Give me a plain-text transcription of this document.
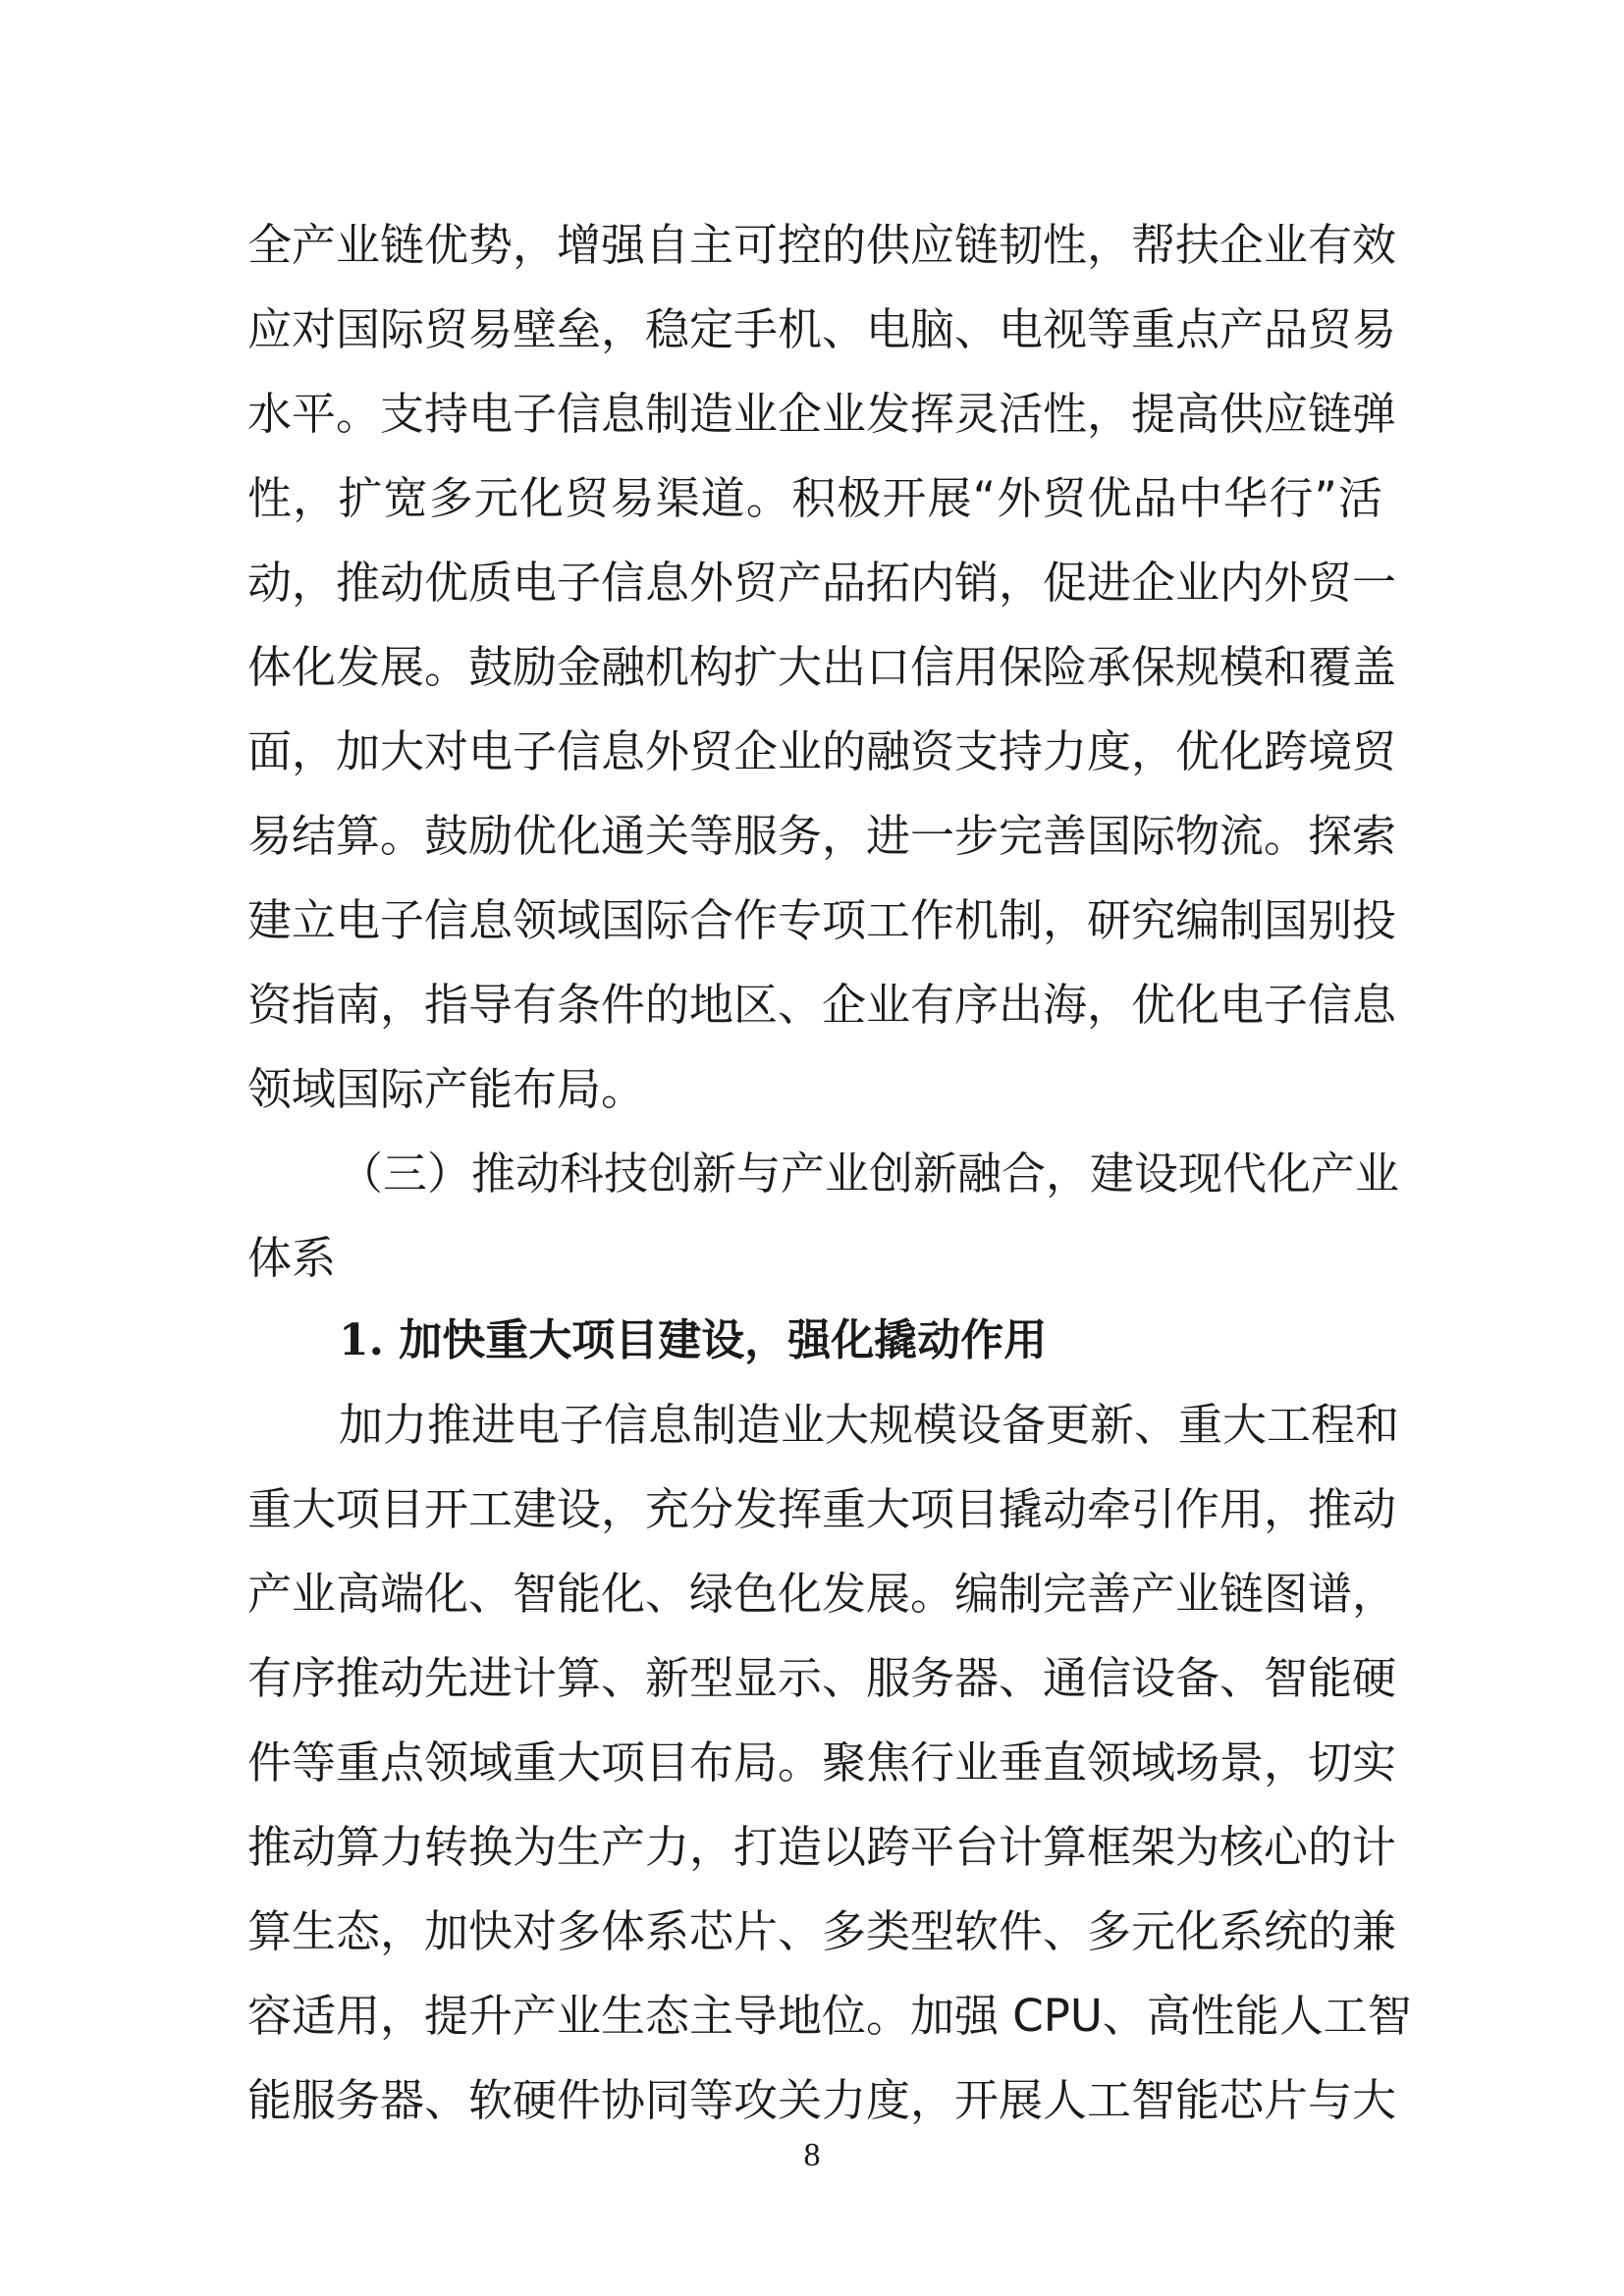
全产业链优势，增强自主可控的供应链韧性，帮扶企业有效
应对国际贸易壁垒，稳定手机、电脑、电视等重点产品贸易
水平。支持电子信息制造业企业发挥灵活性，提高供应链弹
性，扩宽多元化贸易渠道。积极开展“外贸优品中华行”活
动，推动优质电子信息外贸产品拓内销，促进企业内外贸一
体化发展。鼓励金融机构扩大出口信用保险承保规模和覆盖
面，加大对电子信息外贸企业的融资支持力度，优化跨境贸
易结算。鼓励优化通关等服务，进一步完善国际物流。探索
建立电子信息领域国际合作专项工作机制，研究编制国别投
资指南，指导有条件的地区、企业有序出海，优化电子信息
领域国际产能布局。
（三）推动科技创新与产业创新融合，建设现代化产业
体系
1. 加快重大项目建设，强化撬动作用
加力推进电子信息制造业大规模设备更新、重大工程和
重大项目开工建设，充分发挥重大项目撬动牵引作用，推动
产业高端化、智能化、绿色化发展。编制完善产业链图谱，
有序推动先进计算、新型显示、服务器、通信设备、智能硬
件等重点领域重大项目布局。聚焦行业垂直领域场景，切实
推动算力转换为生产力，打造以跨平台计算框架为核心的计
算生态，加快对多体系芯片、多类型软件、多元化系统的兼
容适用，提升产业生态主导地位。加强 CPU、高性能人工智
能服务器、软硬件协同等攻关力度，开展人工智能芯片与大
8
